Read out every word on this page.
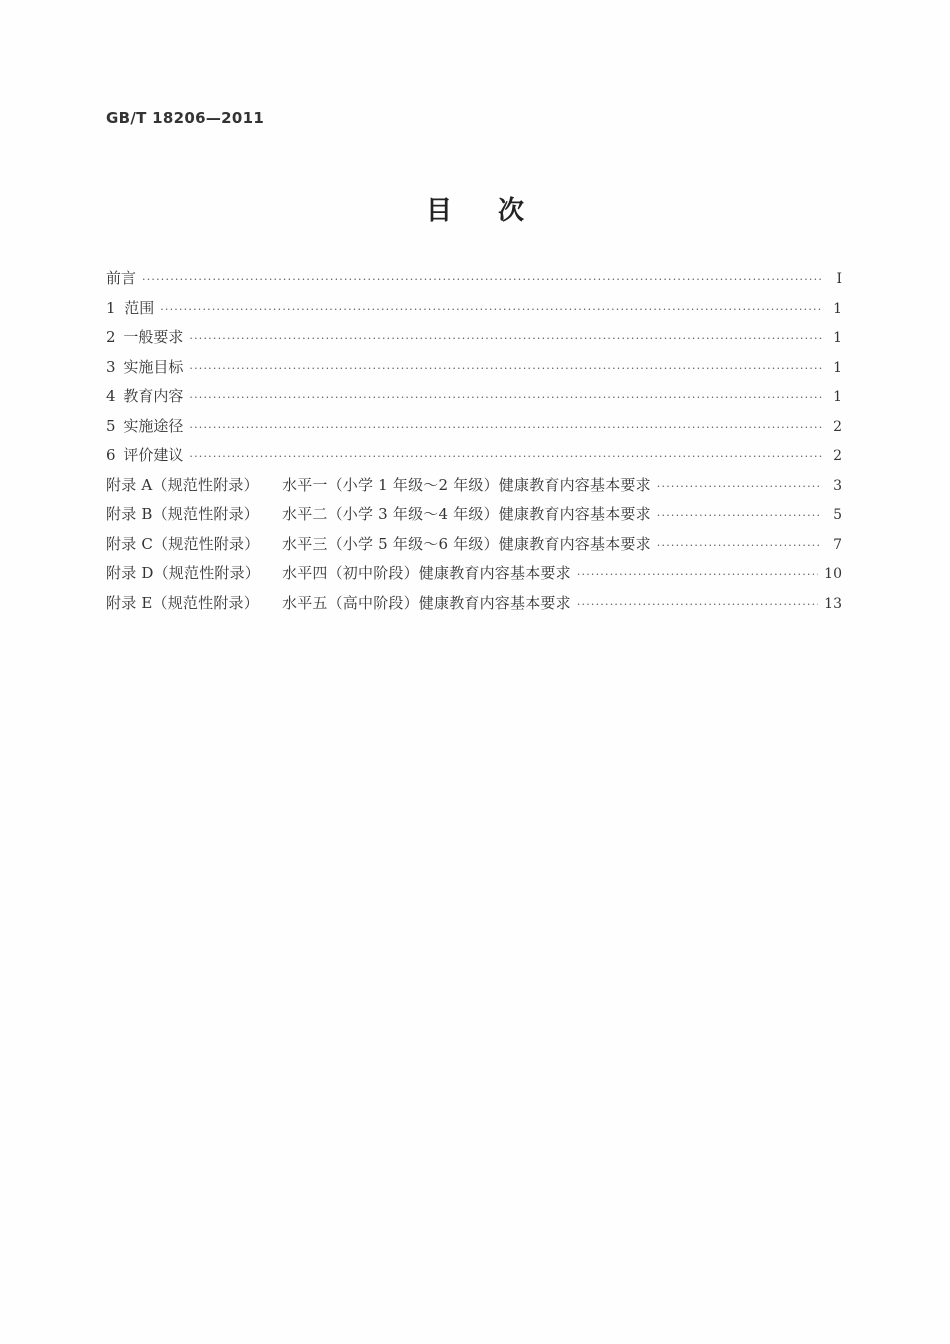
GB/T 18206—2011
目次
前言 ·····	Ⅰ
1 范围 ·····	1
2 一般要求 ·····	1
3 实施目标 ·····	1
4 教育内容 ·····	1
5 实施途径 ·····	2
6 评价建议 ·····	2
附录 A（规范性附录） 水平一（小学 1 年级～2 年级）健康教育内容基本要求 ·····	3
附录 B（规范性附录） 水平二（小学 3 年级～4 年级）健康教育内容基本要求 ·····	5
附录 C（规范性附录） 水平三（小学 5 年级～6 年级）健康教育内容基本要求 ·····	7
附录 D（规范性附录） 水平四（初中阶段）健康教育内容基本要求 ·····	10
附录 E（规范性附录） 水平五（高中阶段）健康教育内容基本要求 ·····	13
